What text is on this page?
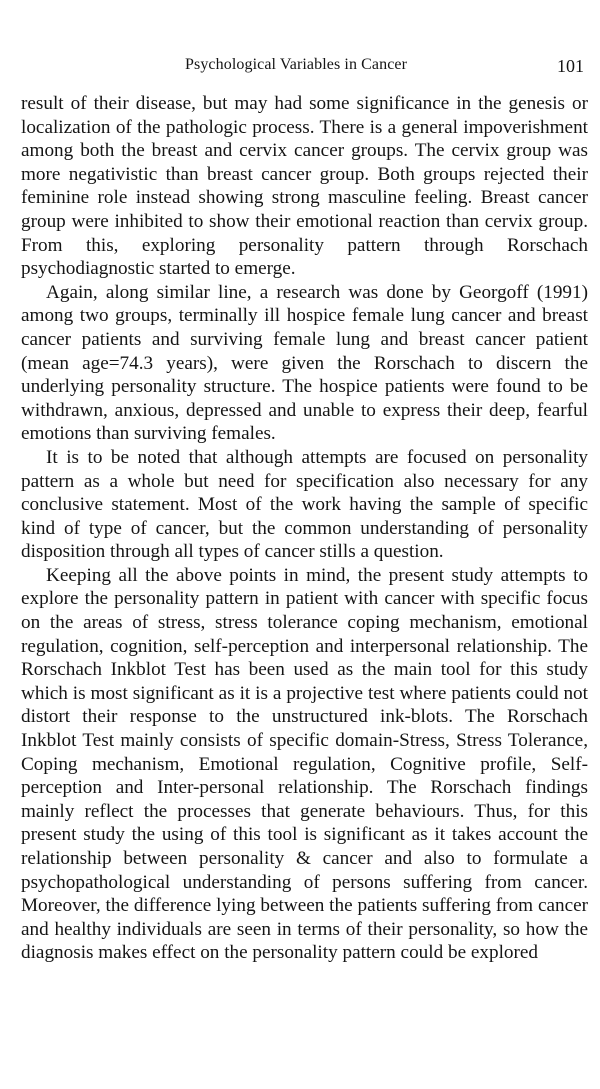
Psychological Variables in Cancer	101

result of their disease, but may had some significance in the genesis or localization of the pathologic process. There is a general impoverishment among both the breast and cervix cancer groups. The cervix group was more negativistic than breast cancer group. Both groups rejected their feminine role instead showing strong masculine feeling. Breast cancer group were inhibited to show their emotional reaction than cervix group. From this, exploring personality pattern through Rorschach psychodiagnostic started to emerge.

Again, along similar line, a research was done by Georgoff (1991) among two groups, terminally ill hospice female lung cancer and breast cancer patients and surviving female lung and breast cancer patient (mean age=74.3 years), were given the Rorschach to discern the underlying personality structure. The hospice patients were found to be withdrawn, anxious, depressed and unable to express their deep, fearful emotions than surviving females.

It is to be noted that although attempts are focused on personality pattern as a whole but need for specification also necessary for any conclusive statement. Most of the work having the sample of specific kind of type of cancer, but the common understanding of personality disposition through all types of cancer stills a question.

Keeping all the above points in mind, the present study attempts to explore the personality pattern in patient with cancer with specific focus on the areas of stress, stress tolerance coping mechanism, emotional regulation, cognition, self-perception and interpersonal relationship. The Rorschach Inkblot Test has been used as the main tool for this study which is most significant as it is a projective test where patients could not distort their response to the unstructured ink-blots. The Rorschach Inkblot Test mainly consists of specific domain-Stress, Stress Tolerance, Coping mechanism, Emotional regulation, Cognitive profile, Self-perception and Inter-personal relationship. The Rorschach findings mainly reflect the processes that generate behaviours. Thus, for this present study the using of this tool is significant as it takes account the relationship between personality & cancer and also to formulate a psychopathological understanding of persons suffering from cancer. Moreover, the difference lying between the patients suffering from cancer and healthy individuals are seen in terms of their personality, so how the diagnosis makes effect on the personality pattern could be explored
